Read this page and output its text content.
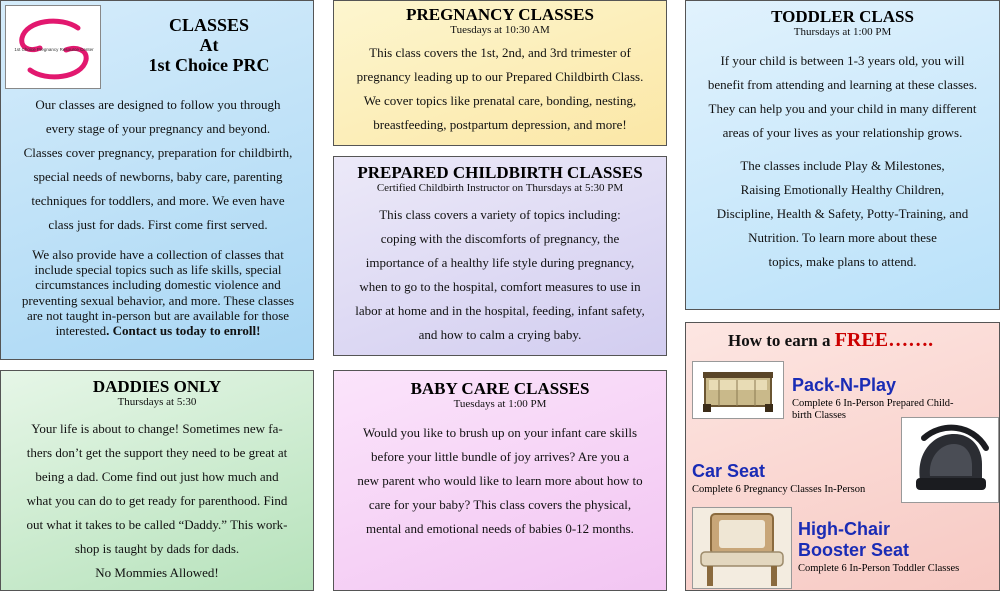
1st Choice Pregnancy Resource Center
CLASSES
At
1st Choice PRC
Our classes are designed to follow you through
every stage of your pregnancy and beyond.
Classes cover pregnancy, preparation for childbirth,
special needs of newborns, baby care, parenting
techniques for toddlers, and more. We even have
class just for dads. First come first served.
We also provide have a collection of classes that
include special topics such as life skills, special
circumstances including domestic violence and
preventing sexual behavior, and more. These classes
are not taught in-person but are available for those
interested. Contact us today to enroll!
PREGNANCY CLASSES
Tuesdays at 10:30 AM
This class covers the 1st, 2nd, and 3rd trimester of
pregnancy leading up to our Prepared Childbirth Class.
We cover topics like prenatal care, bonding, nesting,
breastfeeding, postpartum depression, and more!
PREPARED CHILDBIRTH CLASSES
Certified Childbirth Instructor on Thursdays at 5:30 PM
This class covers a variety of topics including:
coping with the discomforts of pregnancy, the
importance of a healthy life style during pregnancy,
when to go to the hospital, comfort measures to use in
labor at home and in the hospital, feeding, infant safety,
and how to calm a crying baby.
TODDLER CLASS
Thursdays at 1:00 PM
If your child is between 1-3 years old, you will
benefit from attending and learning at these classes.
They can help you and your child in many different
areas of your lives as your relationship grows.
The classes include Play & Milestones,
Raising Emotionally Healthy Children,
Discipline, Health & Safety, Potty-Training, and
Nutrition. To learn more about these
topics, make plans to attend.
DADDIES ONLY
Thursdays at 5:30
Your life is about to change! Sometimes new fa-
thers don’t get the support they need to be great at
being a dad. Come find out just how much and
what you can do to get ready for parenthood. Find
out what it takes to be called “Daddy.” This work-
shop is taught by dads for dads.
No Mommies Allowed!
BABY CARE CLASSES
Tuesdays at 1:00 PM
Would you like to brush up on your infant care skills
before your little bundle of joy arrives? Are you a
new parent who would like to learn more about how to
care for your baby? This class covers the physical,
mental and emotional needs of babies 0-12 months.
How to earn a FREE…….
Pack-N-Play
Complete 6 In-Person Prepared Child-
birth Classes
Car Seat
Complete 6 Pregnancy Classes In-Person
High-Chair
Booster Seat
Complete 6 In-Person Toddler Classes
